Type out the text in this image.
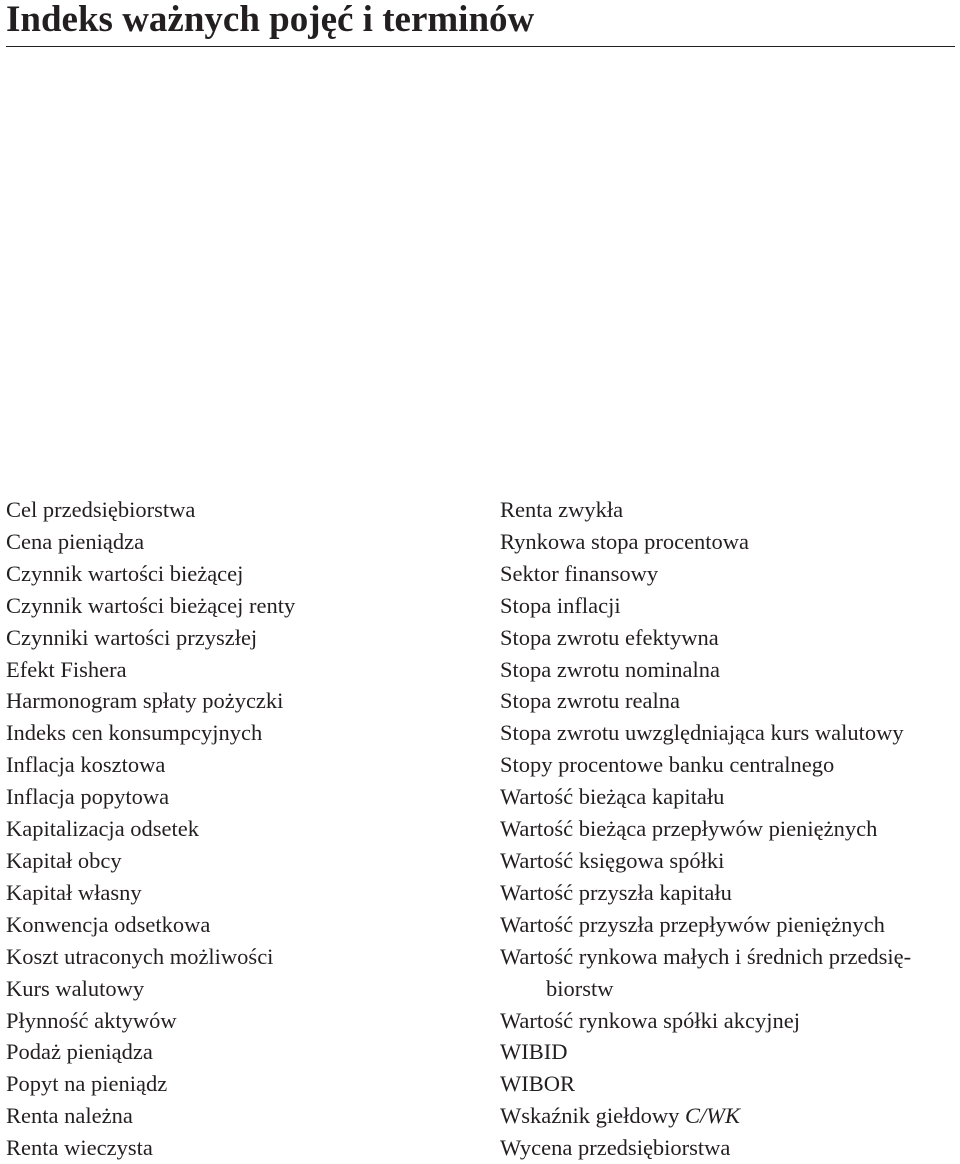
Indeks ważnych pojęć i terminów
Cel przedsiębiorstwa
Cena pieniądza
Czynnik wartości bieżącej
Czynnik wartości bieżącej renty
Czynniki wartości przyszłej
Efekt Fishera
Harmonogram spłaty pożyczki
Indeks cen konsumpcyjnych
Inflacja kosztowa
Inflacja popytowa
Kapitalizacja odsetek
Kapitał obcy
Kapitał własny
Konwencja odsetkowa
Koszt utraconych możliwości
Kurs walutowy
Płynność aktywów
Podaż pieniądza
Popyt na pieniądz
Renta należna
Renta wieczysta
Renta zwykła
Rynkowa stopa procentowa
Sektor finansowy
Stopa inflacji
Stopa zwrotu efektywna
Stopa zwrotu nominalna
Stopa zwrotu realna
Stopa zwrotu uwzględniająca kurs walutowy
Stopy procentowe banku centralnego
Wartość bieżąca kapitału
Wartość bieżąca przepływów pieniężnych
Wartość księgowa spółki
Wartość przyszła kapitału
Wartość przyszła przepływów pieniężnych
Wartość rynkowa małych i średnich przedsię-
biorstw
Wartość rynkowa spółki akcyjnej
WIBID
WIBOR
Wskaźnik giełdowy C/WK
Wycena przedsiębiorstwa
